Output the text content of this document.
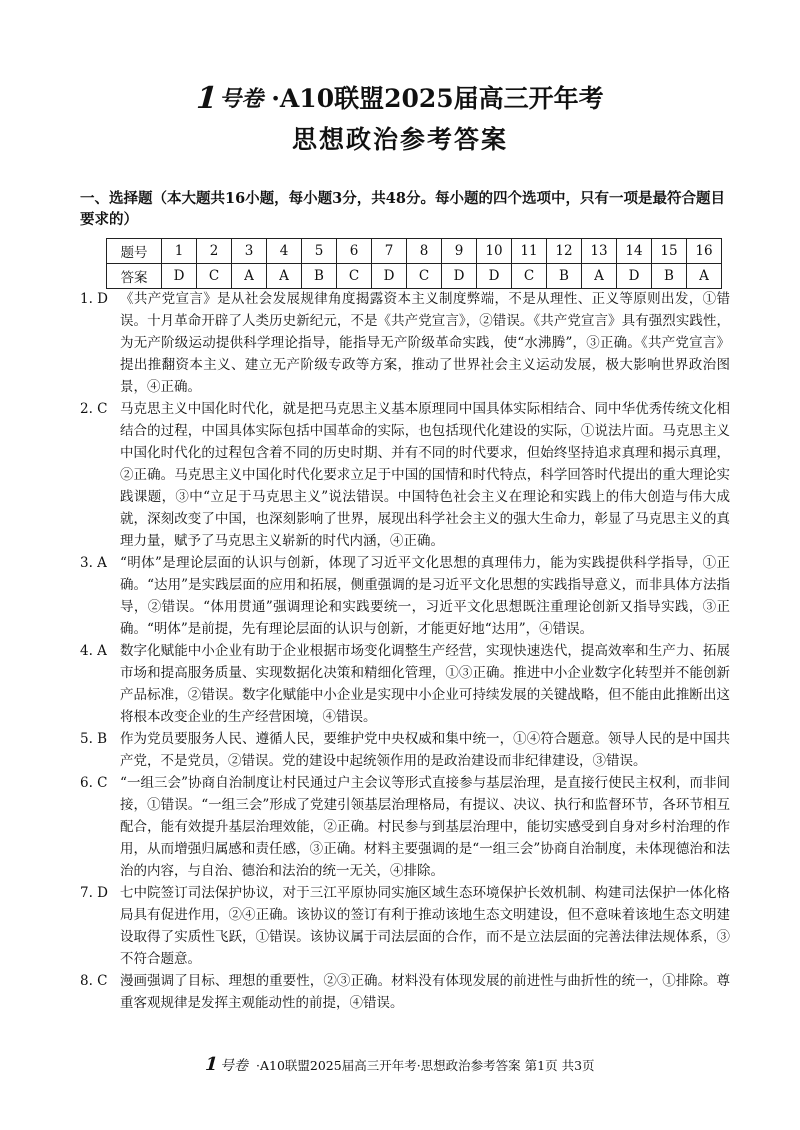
1
号卷 ·A10联盟2025届高三开年考
思想政治参考答案
一、选择题（本大题共16小题，每小题3分，共48分。每小题的四个选项中，只有一项是最符合题目要求的）
题号	1	2	3	4	5	6	7	8	9	10	11	12	13	14	15	16
答案	D	C	A	A	B	C	D	C	D	D	C	B	A	D	B	A
1. D 《共产党宣言》是从社会发展规律角度揭露资本主义制度弊端，不是从理性、正义等原则出发，①错误。十月革命开辟了人类历史新纪元，不是《共产党宣言》，②错误。《共产党宣言》具有强烈实践性，为无产阶级运动提供科学理论指导，能指导无产阶级革命实践，使“水沸腾”，③正确。《共产党宣言》提出推翻资本主义、建立无产阶级专政等方案，推动了世界社会主义运动发展，极大影响世界政治图景，④正确。
2. C 马克思主义中国化时代化，就是把马克思主义基本原理同中国具体实际相结合、同中华优秀传统文化相结合的过程，中国具体实际包括中国革命的实际，也包括现代化建设的实际，①说法片面。马克思主义中国化时代化的过程包含着不同的历史时期、并有不同的时代要求，但始终坚持追求真理和揭示真理，②正确。马克思主义中国化时代化要求立足于中国的国情和时代特点，科学回答时代提出的重大理论实践课题，③中“立足于马克思主义”说法错误。中国特色社会主义在理论和实践上的伟大创造与伟大成就，深刻改变了中国，也深刻影响了世界，展现出科学社会主义的强大生命力，彰显了马克思主义的真理力量，赋予了马克思主义崭新的时代内涵，④正确。
3. A “明体”是理论层面的认识与创新，体现了习近平文化思想的真理伟力，能为实践提供科学指导，①正确。“达用”是实践层面的应用和拓展，侧重强调的是习近平文化思想的实践指导意义，而非具体方法指导，②错误。“体用贯通”强调理论和实践要统一，习近平文化思想既注重理论创新又指导实践，③正确。“明体”是前提，先有理论层面的认识与创新，才能更好地“达用”，④错误。
4. A 数字化赋能中小企业有助于企业根据市场变化调整生产经营，实现快速迭代，提高效率和生产力、拓展市场和提高服务质量、实现数据化决策和精细化管理，①③正确。推进中小企业数字化转型并不能创新产品标准，②错误。数字化赋能中小企业是实现中小企业可持续发展的关键战略，但不能由此推断出这将根本改变企业的生产经营困境，④错误。
5. B 作为党员要服务人民、遵循人民，要维护党中央权威和集中统一，①④符合题意。领导人民的是中国共产党，不是党员，②错误。党的建设中起统领作用的是政治建设而非纪律建设，③错误。
6. C “一组三会”协商自治制度让村民通过户主会议等形式直接参与基层治理，是直接行使民主权利，而非间接，①错误。“一组三会”形成了党建引领基层治理格局，有提议、决议、执行和监督环节，各环节相互配合，能有效提升基层治理效能，②正确。村民参与到基层治理中，能切实感受到自身对乡村治理的作用，从而增强归属感和责任感，③正确。材料主要强调的是“一组三会”协商自治制度，未体现德治和法治的内容，与自治、德治和法治的统一无关，④排除。
7. D 七中院签订司法保护协议，对于三江平原协同实施区域生态环境保护长效机制、构建司法保护一体化格局具有促进作用，②④正确。该协议的签订有利于推动该地生态文明建设，但不意味着该地生态文明建设取得了实质性飞跃，①错误。该协议属于司法层面的合作，而不是立法层面的完善法律法规体系，③不符合题意。
8. C 漫画强调了目标、理想的重要性，②③正确。材料没有体现发展的前进性与曲折性的统一，①排除。尊重客观规律是发挥主观能动性的前提，④错误。
1 号卷 ·A10联盟2025届高三开年考·思想政治参考答案 第1页 共3页
